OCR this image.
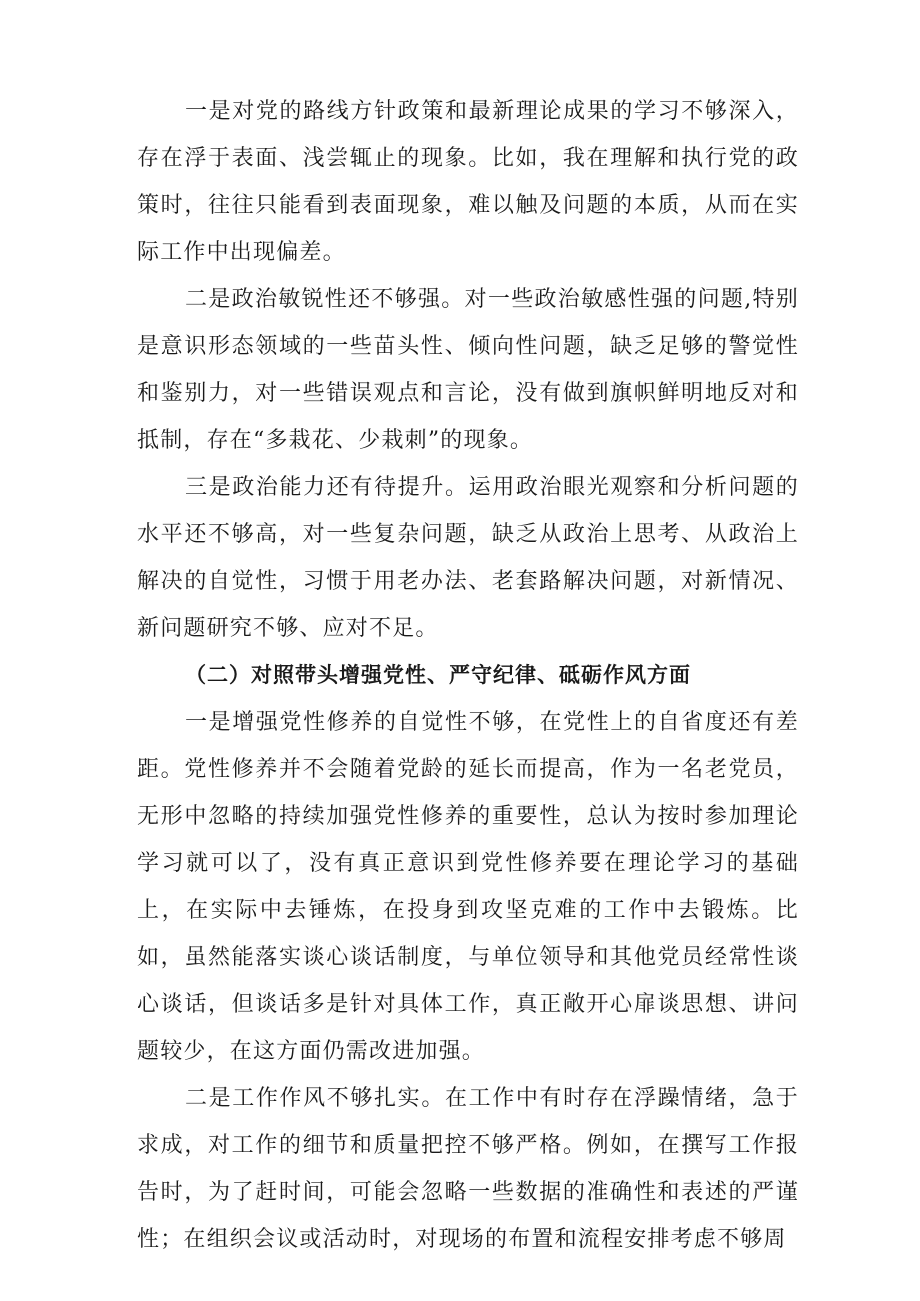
一是对党的路线方针政策和最新理论成果的学习不够深入，存在浮于表面、浅尝辄止的现象。比如，我在理解和执行党的政策时，往往只能看到表面现象，难以触及问题的本质，从而在实际工作中出现偏差。

二是政治敏锐性还不够强。对一些政治敏感性强的问题,特别是意识形态领域的一些苗头性、倾向性问题，缺乏足够的警觉性和鉴别力，对一些错误观点和言论，没有做到旗帜鲜明地反对和抵制，存在“多栽花、少栽刺”的现象。

三是政治能力还有待提升。运用政治眼光观察和分析问题的水平还不够高，对一些复杂问题，缺乏从政治上思考、从政治上解决的自觉性，习惯于用老办法、老套路解决问题，对新情况、新问题研究不够、应对不足。

（二）对照带头增强党性、严守纪律、砥砺作风方面

一是增强党性修养的自觉性不够，在党性上的自省度还有差距。党性修养并不会随着党龄的延长而提高，作为一名老党员，无形中忽略的持续加强党性修养的重要性，总认为按时参加理论学习就可以了，没有真正意识到党性修养要在理论学习的基础上，在实际中去锤炼，在投身到攻坚克难的工作中去锻炼。比如，虽然能落实谈心谈话制度，与单位领导和其他党员经常性谈心谈话，但谈话多是针对具体工作，真正敞开心扉谈思想、讲问题较少，在这方面仍需改进加强。

二是工作作风不够扎实。在工作中有时存在浮躁情绪，急于求成，对工作的细节和质量把控不够严格。例如，在撰写工作报告时，为了赶时间，可能会忽略一些数据的准确性和表述的严谨性；在组织会议或活动时，对现场的布置和流程安排考虑不够周
